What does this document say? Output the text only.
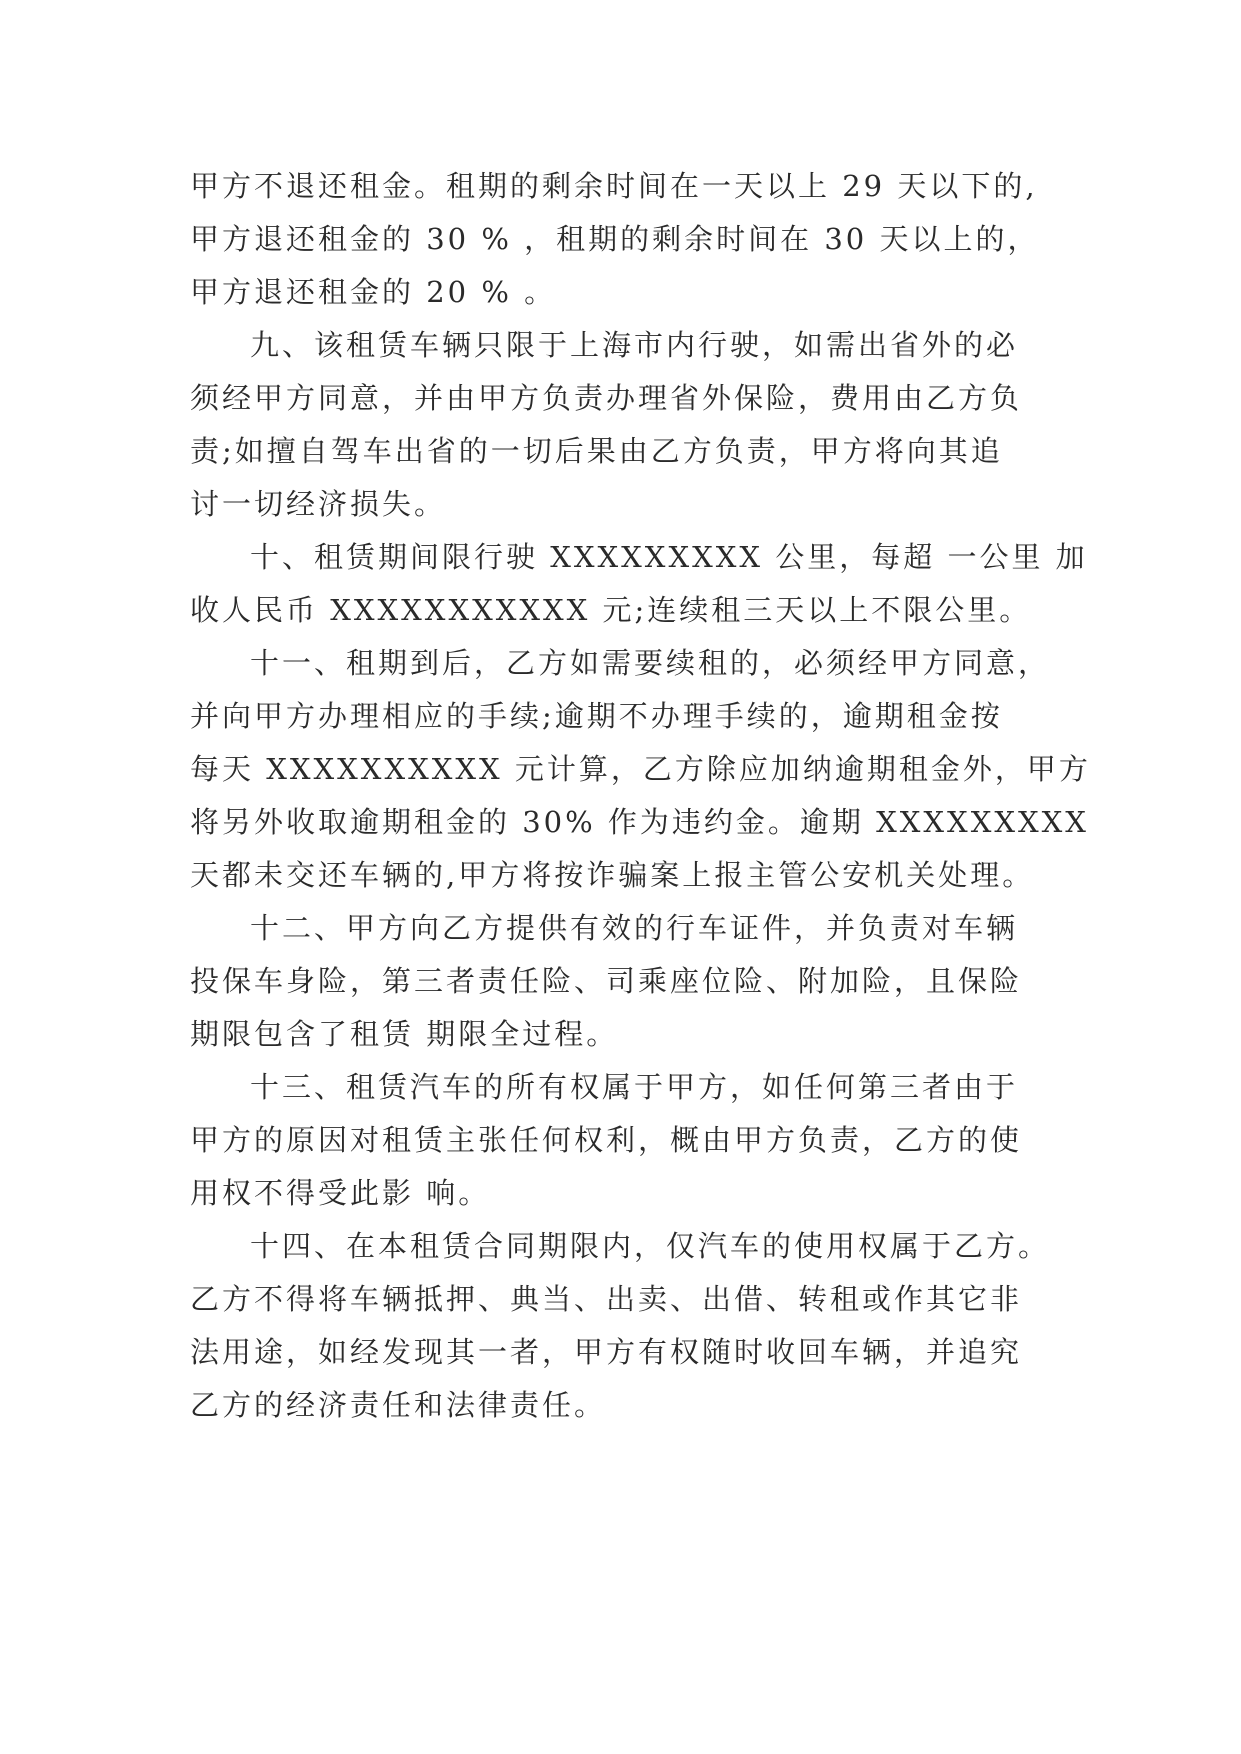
甲方不退还租金。租期的剩余时间在一天以上 29 天以下的,
甲方退还租金的 30 % ，租期的剩余时间在 30 天以上的，
甲方退还租金的 20 % 。

九、该租赁车辆只限于上海市内行驶，如需出省外的必
须经甲方同意，并由甲方负责办理省外保险，费用由乙方负
责;如擅自驾车出省的一切后果由乙方负责，甲方将向其追
讨一切经济损失。

十、租赁期间限行驶 XXXXXXXXX 公里，每超 一公里 加
收人民币 XXXXXXXXXXX 元;连续租三天以上不限公里。

十一、租期到后，乙方如需要续租的，必须经甲方同意，
并向甲方办理相应的手续;逾期不办理手续的，逾期租金按
每天 XXXXXXXXXX 元计算，乙方除应加纳逾期租金外，甲方
将另外收取逾期租金的 30% 作为违约金。逾期 XXXXXXXXX
天都未交还车辆的,甲方将按诈骗案上报主管公安机关处理。

十二、甲方向乙方提供有效的行车证件，并负责对车辆
投保车身险，第三者责任险、司乘座位险、附加险，且保险
期限包含了租赁 期限全过程。

十三、租赁汽车的所有权属于甲方，如任何第三者由于
甲方的原因对租赁主张任何权利，概由甲方负责，乙方的使
用权不得受此影 响。

十四、在本租赁合同期限内，仅汽车的使用权属于乙方。
乙方不得将车辆抵押、典当、出卖、出借、转租或作其它非
法用途，如经发现其一者，甲方有权随时收回车辆，并追究
乙方的经济责任和法律责任。
